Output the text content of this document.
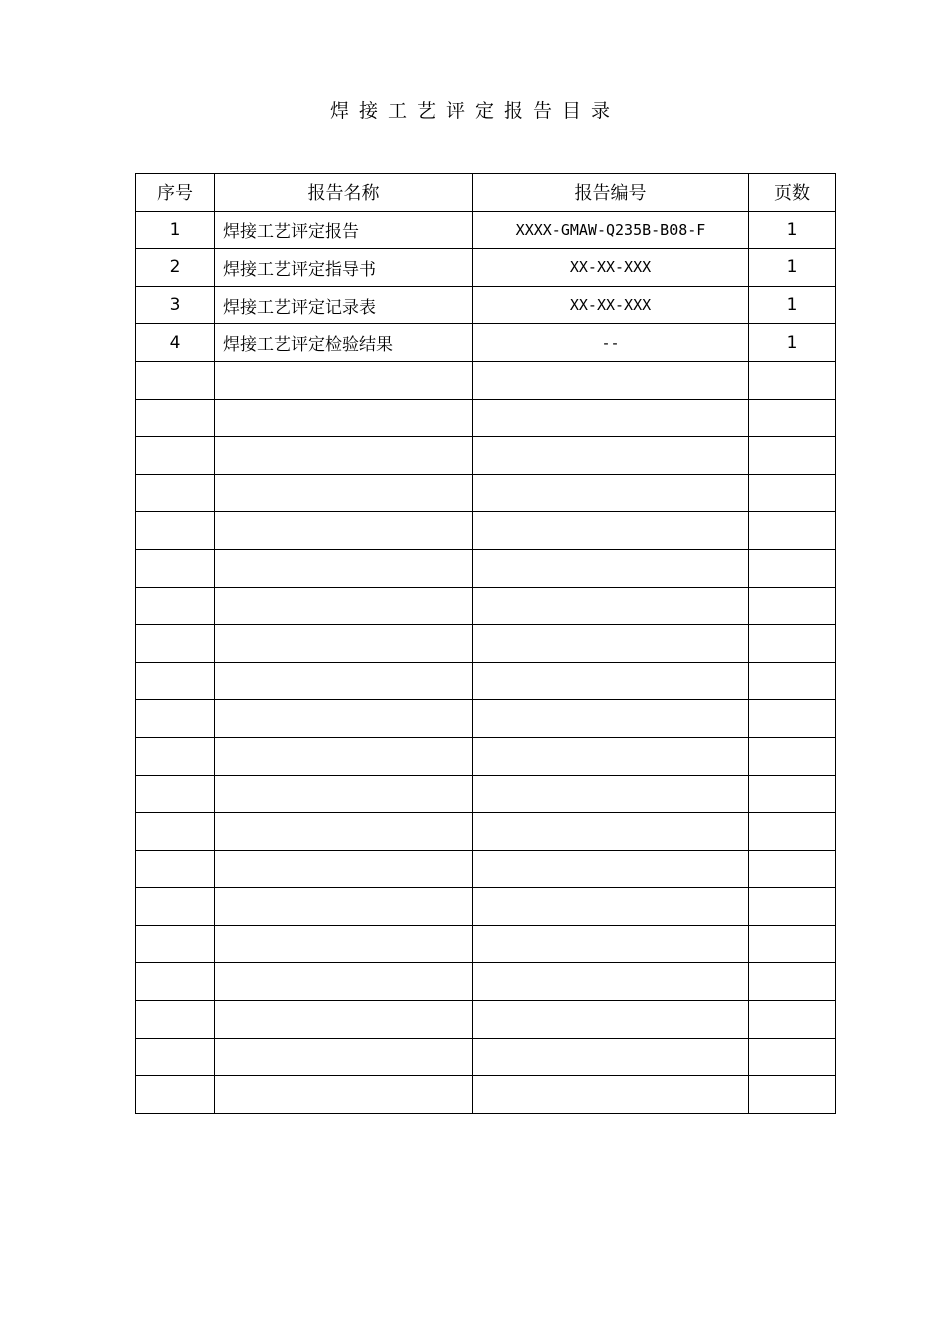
焊接工艺评定报告目录
序号	报告名称	报告编号	页数
1	焊接工艺评定报告	XXXX-GMAW-Q235B-B08-F	1
2	焊接工艺评定指导书	XX-XX-XXX	1
3	焊接工艺评定记录表	XX-XX-XXX	1
4	焊接工艺评定检验结果	--	1
